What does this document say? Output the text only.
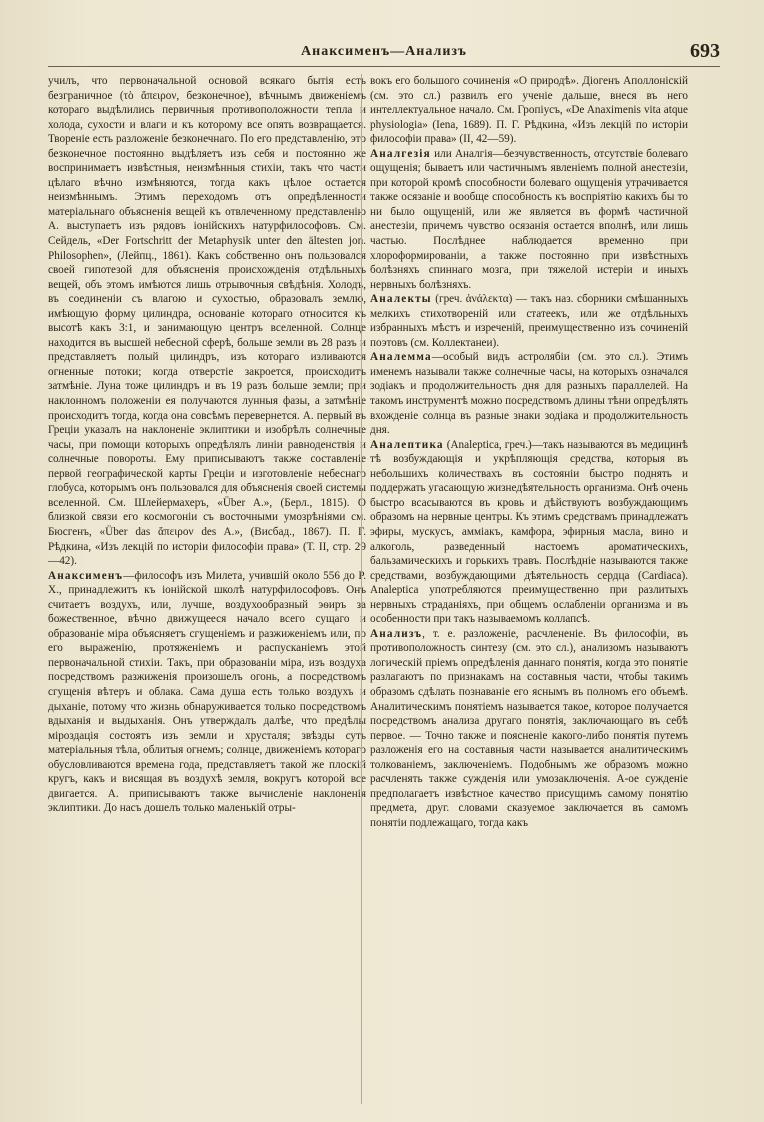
Анаксименъ—Анализъ	693

училъ, что первоначальной основой всякаго бытія есть безграничное (τὸ ἄπειρον, безконечное), вѣчнымъ движеніемъ котораго выдѣлились первичныя противоположности тепла и холода, сухости и влаги и къ которому все опять возвращается. Твореніе есть разложеніе безконечнаго. По его представленію, это безконечное постоянно выдѣляетъ изъ себя и постоянно же воспринимаетъ извѣстныя, неизмѣнныя стихіи, такъ что части цѣлаго вѣчно измѣняются, тогда какъ цѣлое остается неизмѣннымъ. Этимъ переходомъ отъ опредѣленности матеріальнаго объясненія вещей къ отвлеченному представленію А. выступаетъ изъ рядовъ іонійскихъ натурфилософовъ. См. Сейдель, «Der Fortschritt der Metaphysik unter den ältesten jon. Philosophen», (Лейпц., 1861). Какъ собственно онъ пользовался своей гипотезой для объясненія происхожденія отдѣльныхъ вещей, объ этомъ имѣются лишь отрывочныя свѣдѣнія. Холодъ, въ соединеніи съ влагою и сухостью, образовалъ землю, имѣющую форму цилиндра, основаніе котораго относится къ высотѣ какъ 3:1, и занимающую центръ вселенной. Солнце находится въ высшей небесной сферѣ, больше земли въ 28 разъ и представляетъ полый цилиндръ, изъ котораго изливаются огненные потоки; когда отверстіе закроется, происходитъ затмѣніе. Луна тоже цилиндръ и въ 19 разъ больше земли; при наклонномъ положеніи ея получаются лунныя фазы, а затмѣніе происходитъ тогда, когда она совсѣмъ перевернется. А. первый въ Греціи указалъ на наклоненіе эклиптики и изобрѣлъ солнечные часы, при помощи которыхъ опредѣлялъ линіи равноденствія и солнечные повороты. Ему приписываютъ также составленіе первой географической карты Греціи и изготовленіе небеснаго глобуса, которымъ онъ пользовался для объясненія своей системы вселенной. См. Шлейермахеръ, «Über A.», (Берл., 1815). О близкой связи его космогоніи съ восточными умозрѣніями см. Бюсгенъ, «Über das ἄπειρον des A.», (Висбад., 1867). П. Г. Рѣдкина, «Изъ лекцій по исторіи философіи права» (Т. II, стр. 29—42).

Анаксименъ—философъ изъ Милета, учившій около 556 до Р. Х., принадлежитъ къ іонійской школѣ натурфилософовъ. Онъ считаетъ воздухъ, или, лучше, воздухообразный эѳиръ за божественное, вѣчно движущееся начало всего сущаго и образованіе міра объясняетъ сгущеніемъ и разжиженіемъ или, по его выраженію, протяженіемъ и распусканіемъ этой первоначальной стихіи. Такъ, при образованіи міра, изъ воздуха посредствомъ разжиженія произошелъ огонь, а посредствомъ сгущенія вѣтеръ и облака. Сама душа есть только воздухъ и дыханіе, потому что жизнь обнаруживается только посредствомъ вдыханія и выдыханія. Онъ утверждалъ далѣе, что предѣлы міроздація состоятъ изъ земли и хрусталя; звѣзды суть матеріальныя тѣла, облитыя огнемъ; солнце, движеніемъ котораго обусловливаются времена года, представляетъ такой же плоскій кругъ, какъ и висящая въ воздухѣ земля, вокругъ которой все двигается. А. приписываютъ также вычисленіе наклоненія эклиптики. До насъ дошелъ только маленькій отры-

вокъ его большого сочиненія «О природѣ». Діогенъ Аполлоніскій (см. это сл.) развилъ его ученіе дальше, внеся въ него интеллектуальное начало. См. Гропіусъ, «De Anaximenis vita atque physiologia» (Iena, 1689). П. Г. Рѣдкина, «Изъ лекцій по исторіи философіи права» (II, 42—59).

Аналгезія или Аналгія—безчувственность, отсутствіе болеваго ощущенія; бываетъ или частичнымъ явленіемъ полной анестезіи, при которой кромѣ способности болеваго ощущенія утрачивается также осязаніе и вообще способность къ воспріятію какихъ бы то ни было ощущеній, или же является въ формѣ частичной анестезіи, причемъ чувство осязанія остается вполнѣ, или лишь частью. Послѣднее наблюдается временно при хлороформированіи, а также постоянно при извѣстныхъ болѣзняхъ спиннаго мозга, при тяжелой истеріи и иныхъ нервныхъ болѣзняхъ.

Аналекты (греч. ἀνάλεκτα) — такъ наз. сборники смѣшанныхъ мелкихъ стихотвореній или статеекъ, или же отдѣльныхъ избранныхъ мѣстъ и изреченій, преимущественно изъ сочиненій поэтовъ (см. Коллектанеи).

Аналемма—особый видъ астролябіи (см. это сл.). Этимъ именемъ называли также солнечные часы, на которыхъ означался зодіакъ и продолжительность дня для разныхъ параллелей. На такомъ инструментѣ можно посредствомъ длины тѣни опредѣлять вхожденіе солнца въ разные знаки зодіака и продолжительность дня.

Аналептика (Analeptica, греч.)—такъ называются въ медицинѣ тѣ возбуждающія и укрѣпляющія средства, которыя въ небольшихъ количествахъ въ состояніи быстро поднять и поддержать угасающую жизнедѣятельность организма. Онѣ очень быстро всасываются въ кровь и дѣйствуютъ возбуждающимъ образомъ на нервные центры. Къ этимъ средствамъ принадлежатъ эфиры, мускусъ, аммiакъ, камфора, эфирныя масла, вино и алкоголь, разведенный настоемъ ароматическихъ, бальзамическихъ и горькихъ травъ. Послѣдніе называются также средствами, возбуждающими дѣятельность сердца (Cardiaca). Analeptica употребляются преимущественно при разлитыхъ нервныхъ страданіяхъ, при общемъ ослабленіи организма и въ особенности при такъ называемомъ коллапсѣ.

Анализъ, т. е. разложеніе, расчлененіе. Въ философіи, въ противоположность синтезу (см. это сл.), анализомъ называютъ логическій пріемъ опредѣленія даннаго понятія, когда это понятіе разлагаютъ по признакамъ на составныя части, чтобы такимъ образомъ сдѣлать познаваніе его яснымъ въ полномъ его объемѣ. Аналитическимъ понятіемъ называется такое, которое получается посредствомъ анализа другаго понятія, заключающаго въ себѣ первое. — Точно также и поясненіе какого-либо понятія путемъ разложенія его на составныя части называется аналитическимъ толкованіемъ, заключеніемъ. Подобнымъ же образомъ можно расчленять также сужденія или умозаключенія. А-ое сужденіе предполагаетъ извѣстное качество присущимъ самому понятію предмета, друг. словами сказуемое заключается въ самомъ понятіи подлежащаго, тогда какъ
